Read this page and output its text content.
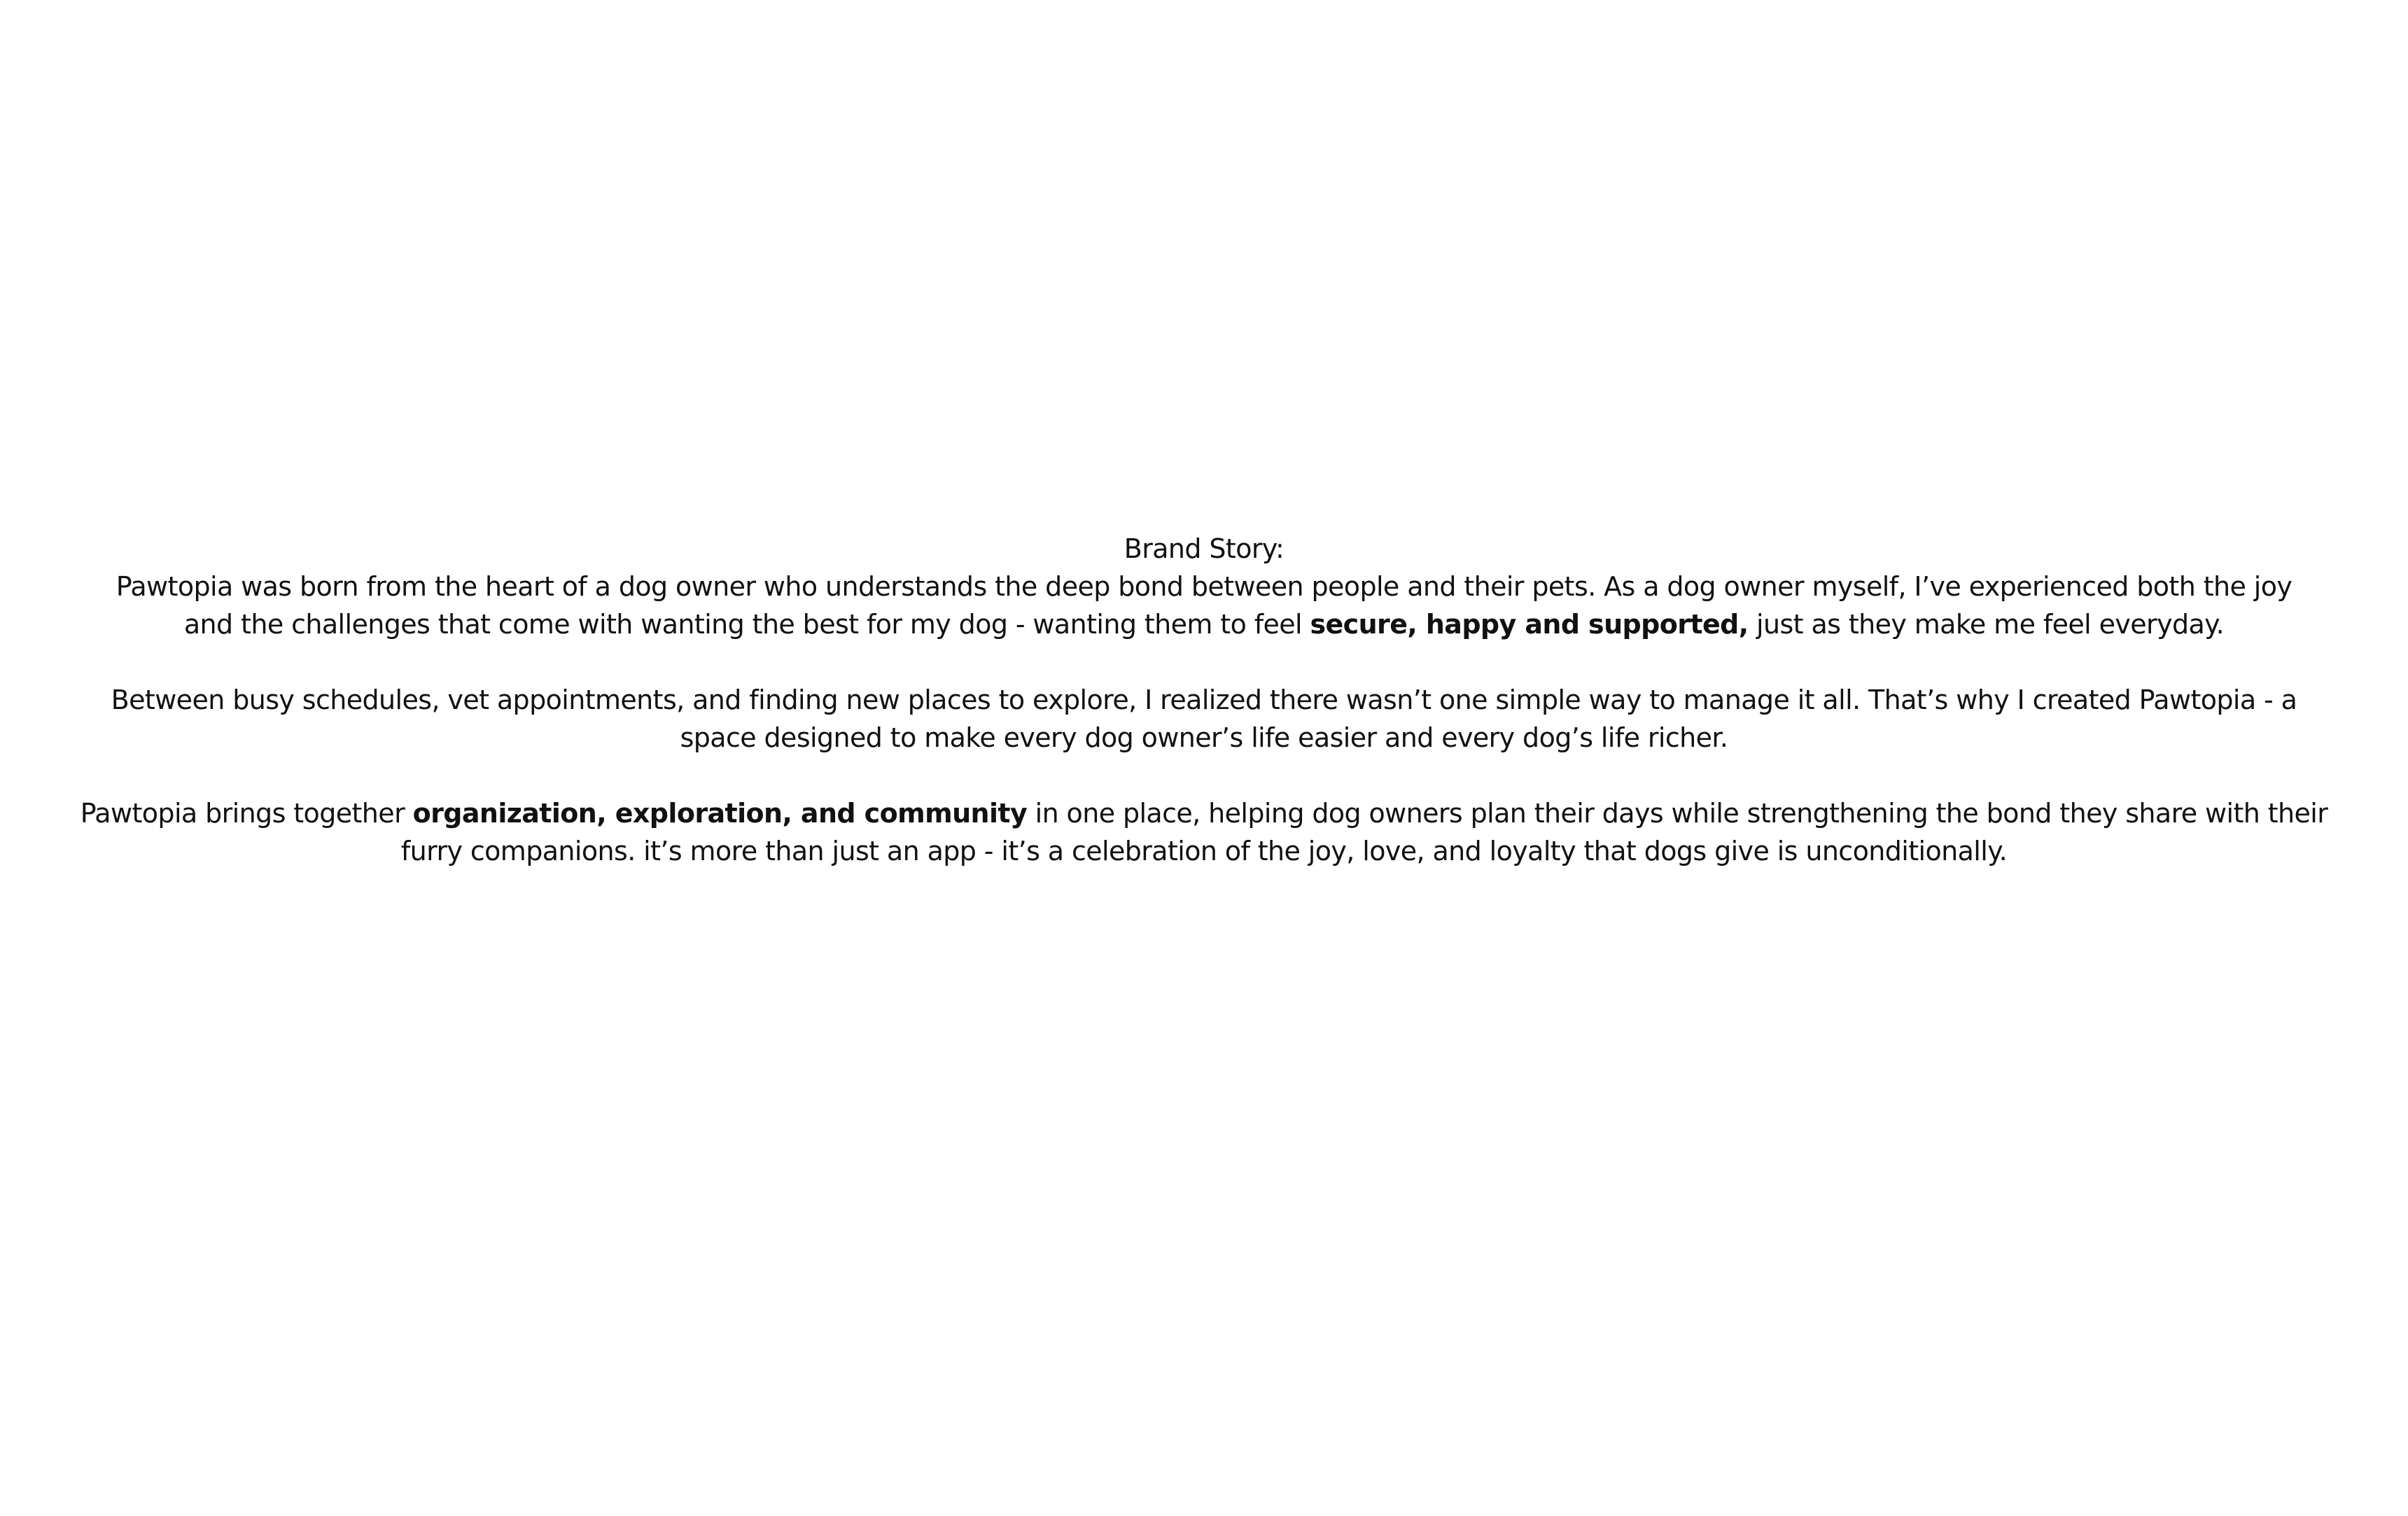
Brand Story:
Pawtopia was born from the heart of a dog owner who understands the deep bond between people and their pets. As a dog owner myself, I’ve experienced both the joy
and the challenges that come with wanting the best for my dog - wanting them to feel secure, happy and supported, just as they make me feel everyday.
Between busy schedules, vet appointments, and finding new places to explore, I realized there wasn’t one simple way to manage it all. That’s why I created Pawtopia - a
space designed to make every dog owner’s life easier and every dog’s life richer.
Pawtopia brings together organization, exploration, and community in one place, helping dog owners plan their days while strengthening the bond they share with their
furry companions. it’s more than just an app - it’s a celebration of the joy, love, and loyalty that dogs give is unconditionally.
